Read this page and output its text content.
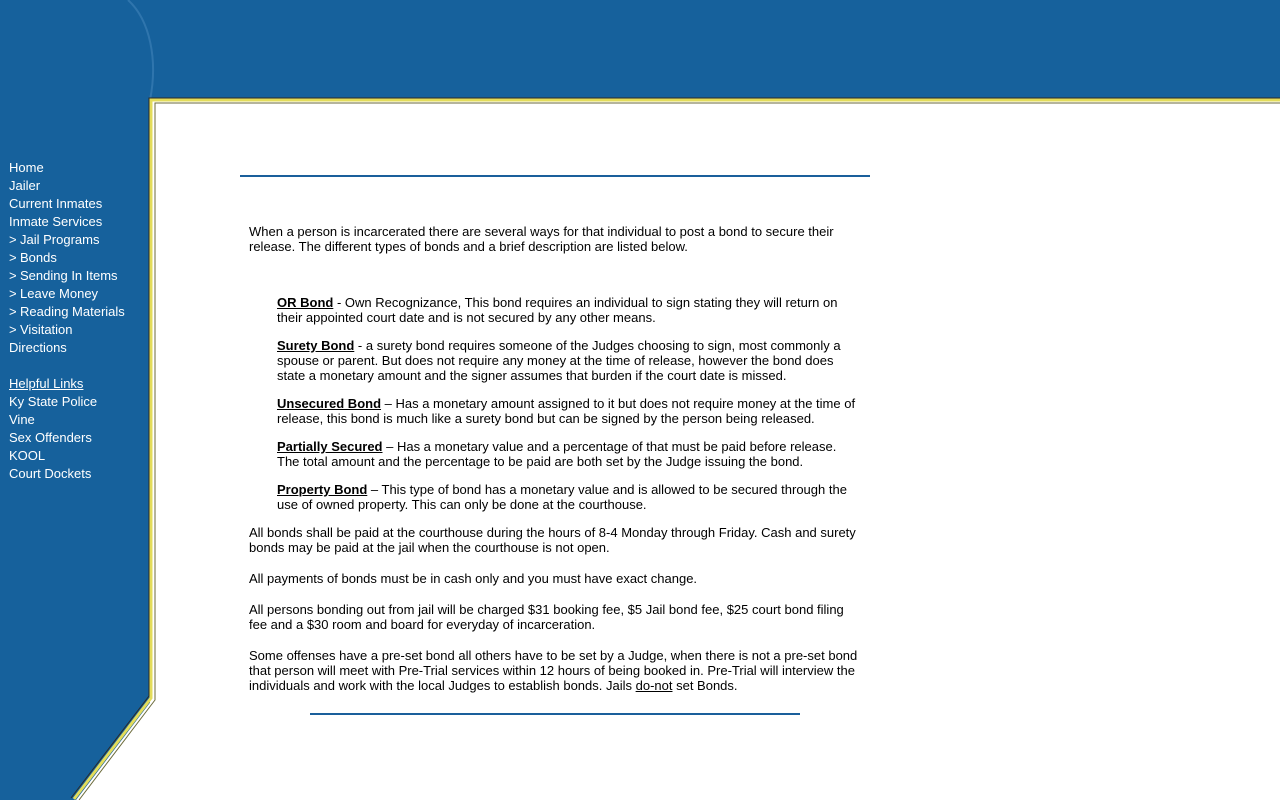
Home
Jailer
Current Inmates
Inmate Services
> Jail Programs
> Bonds
> Sending In Items
> Leave Money
> Reading Materials
> Visitation
Directions
Helpful Links
Ky State Police
Vine
Sex Offenders
KOOL
Court Dockets

When a person is incarcerated there are several ways for that individual to post a bond to secure their release. The different types of bonds and a brief description are listed below.

OR Bond - Own Recognizance, This bond requires an individual to sign stating they will return on their appointed court date and is not secured by any other means.

Surety Bond - a surety bond requires someone of the Judges choosing to sign, most commonly a spouse or parent. But does not require any money at the time of release, however the bond does state a monetary amount and the signer assumes that burden if the court date is missed.

Unsecured Bond – Has a monetary amount assigned to it but does not require money at the time of release, this bond is much like a surety bond but can be signed by the person being released.

Partially Secured – Has a monetary value and a percentage of that must be paid before release. The total amount and the percentage to be paid are both set by the Judge issuing the bond.

Property Bond – This type of bond has a monetary value and is allowed to be secured through the use of owned property. This can only be done at the courthouse.

All bonds shall be paid at the courthouse during the hours of 8-4 Monday through Friday. Cash and surety bonds may be paid at the jail when the courthouse is not open.

All payments of bonds must be in cash only and you must have exact change.

All persons bonding out from jail will be charged $31 booking fee, $5 Jail bond fee, $25 court bond filing fee and a $30 room and board for everyday of incarceration.

Some offenses have a pre-set bond all others have to be set by a Judge, when there is not a pre-set bond that person will meet with Pre-Trial services within 12 hours of being booked in. Pre-Trial will interview the individuals and work with the local Judges to establish bonds. Jails do-not set Bonds.
